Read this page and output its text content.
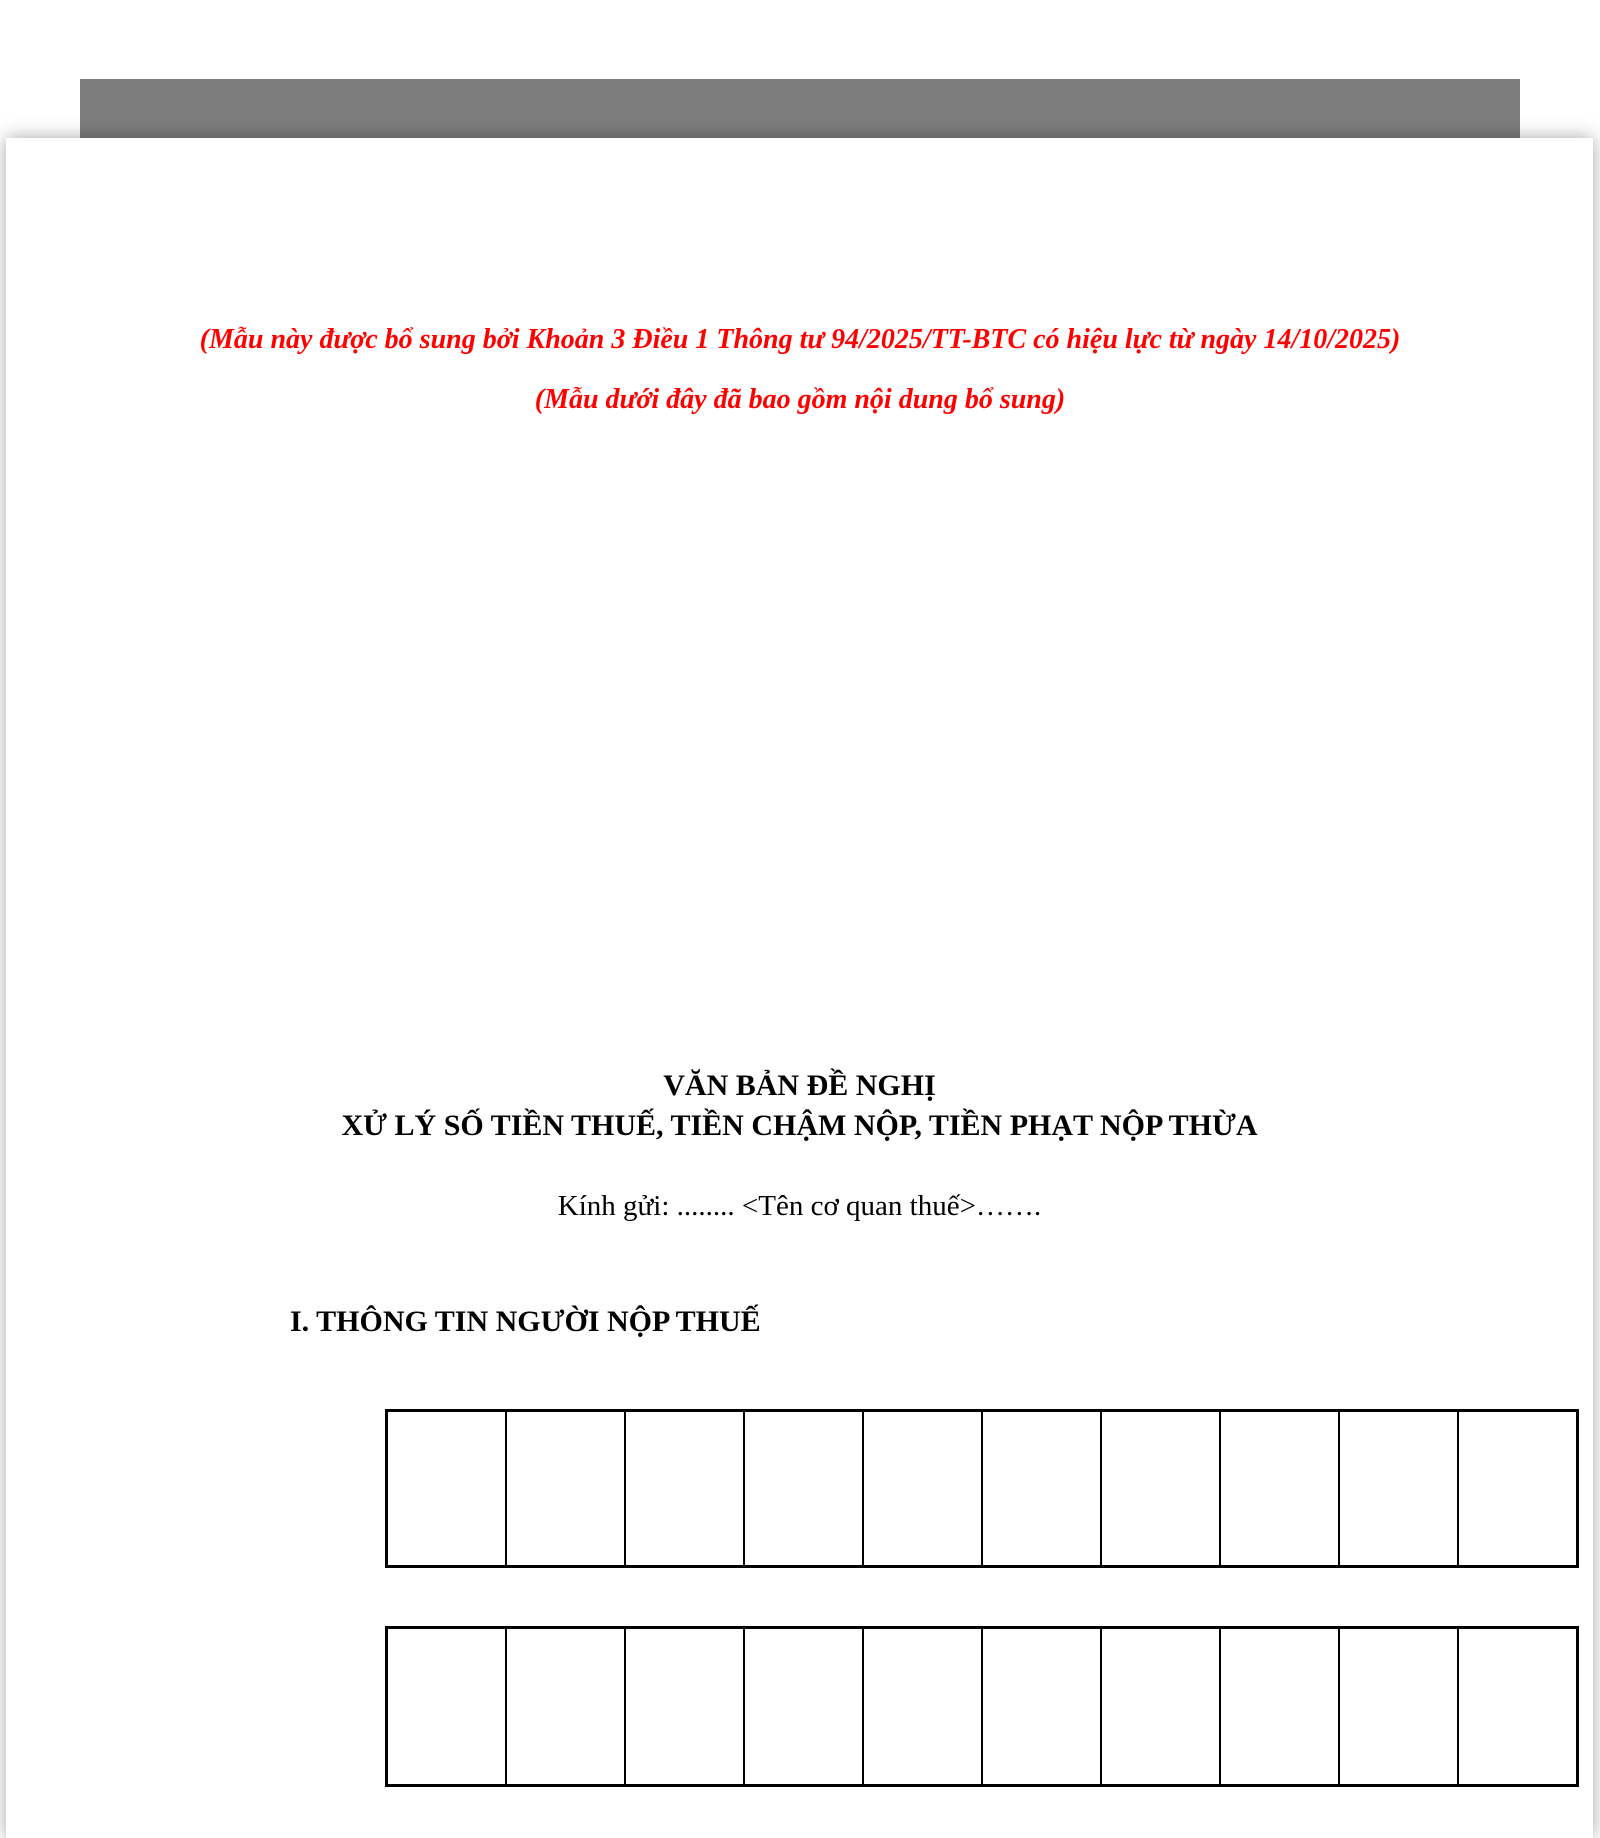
(Mẫu này được bổ sung bởi Khoản 3 Điều 1 Thông tư 94/2025/TT-BTC có hiệu lực từ ngày 14/10/2025)
(Mẫu dưới đây đã bao gồm nội dung bổ sung)
VĂN BẢN ĐỀ NGHỊ
XỬ LÝ SỐ TIỀN THUẾ, TIỀN CHẬM NỘP, TIỀN PHẠT NỘP THỪA
Kính gửi: ........ <Tên cơ quan thuế>…….
I. THÔNG TIN NGƯỜI NỘP THUẾ
